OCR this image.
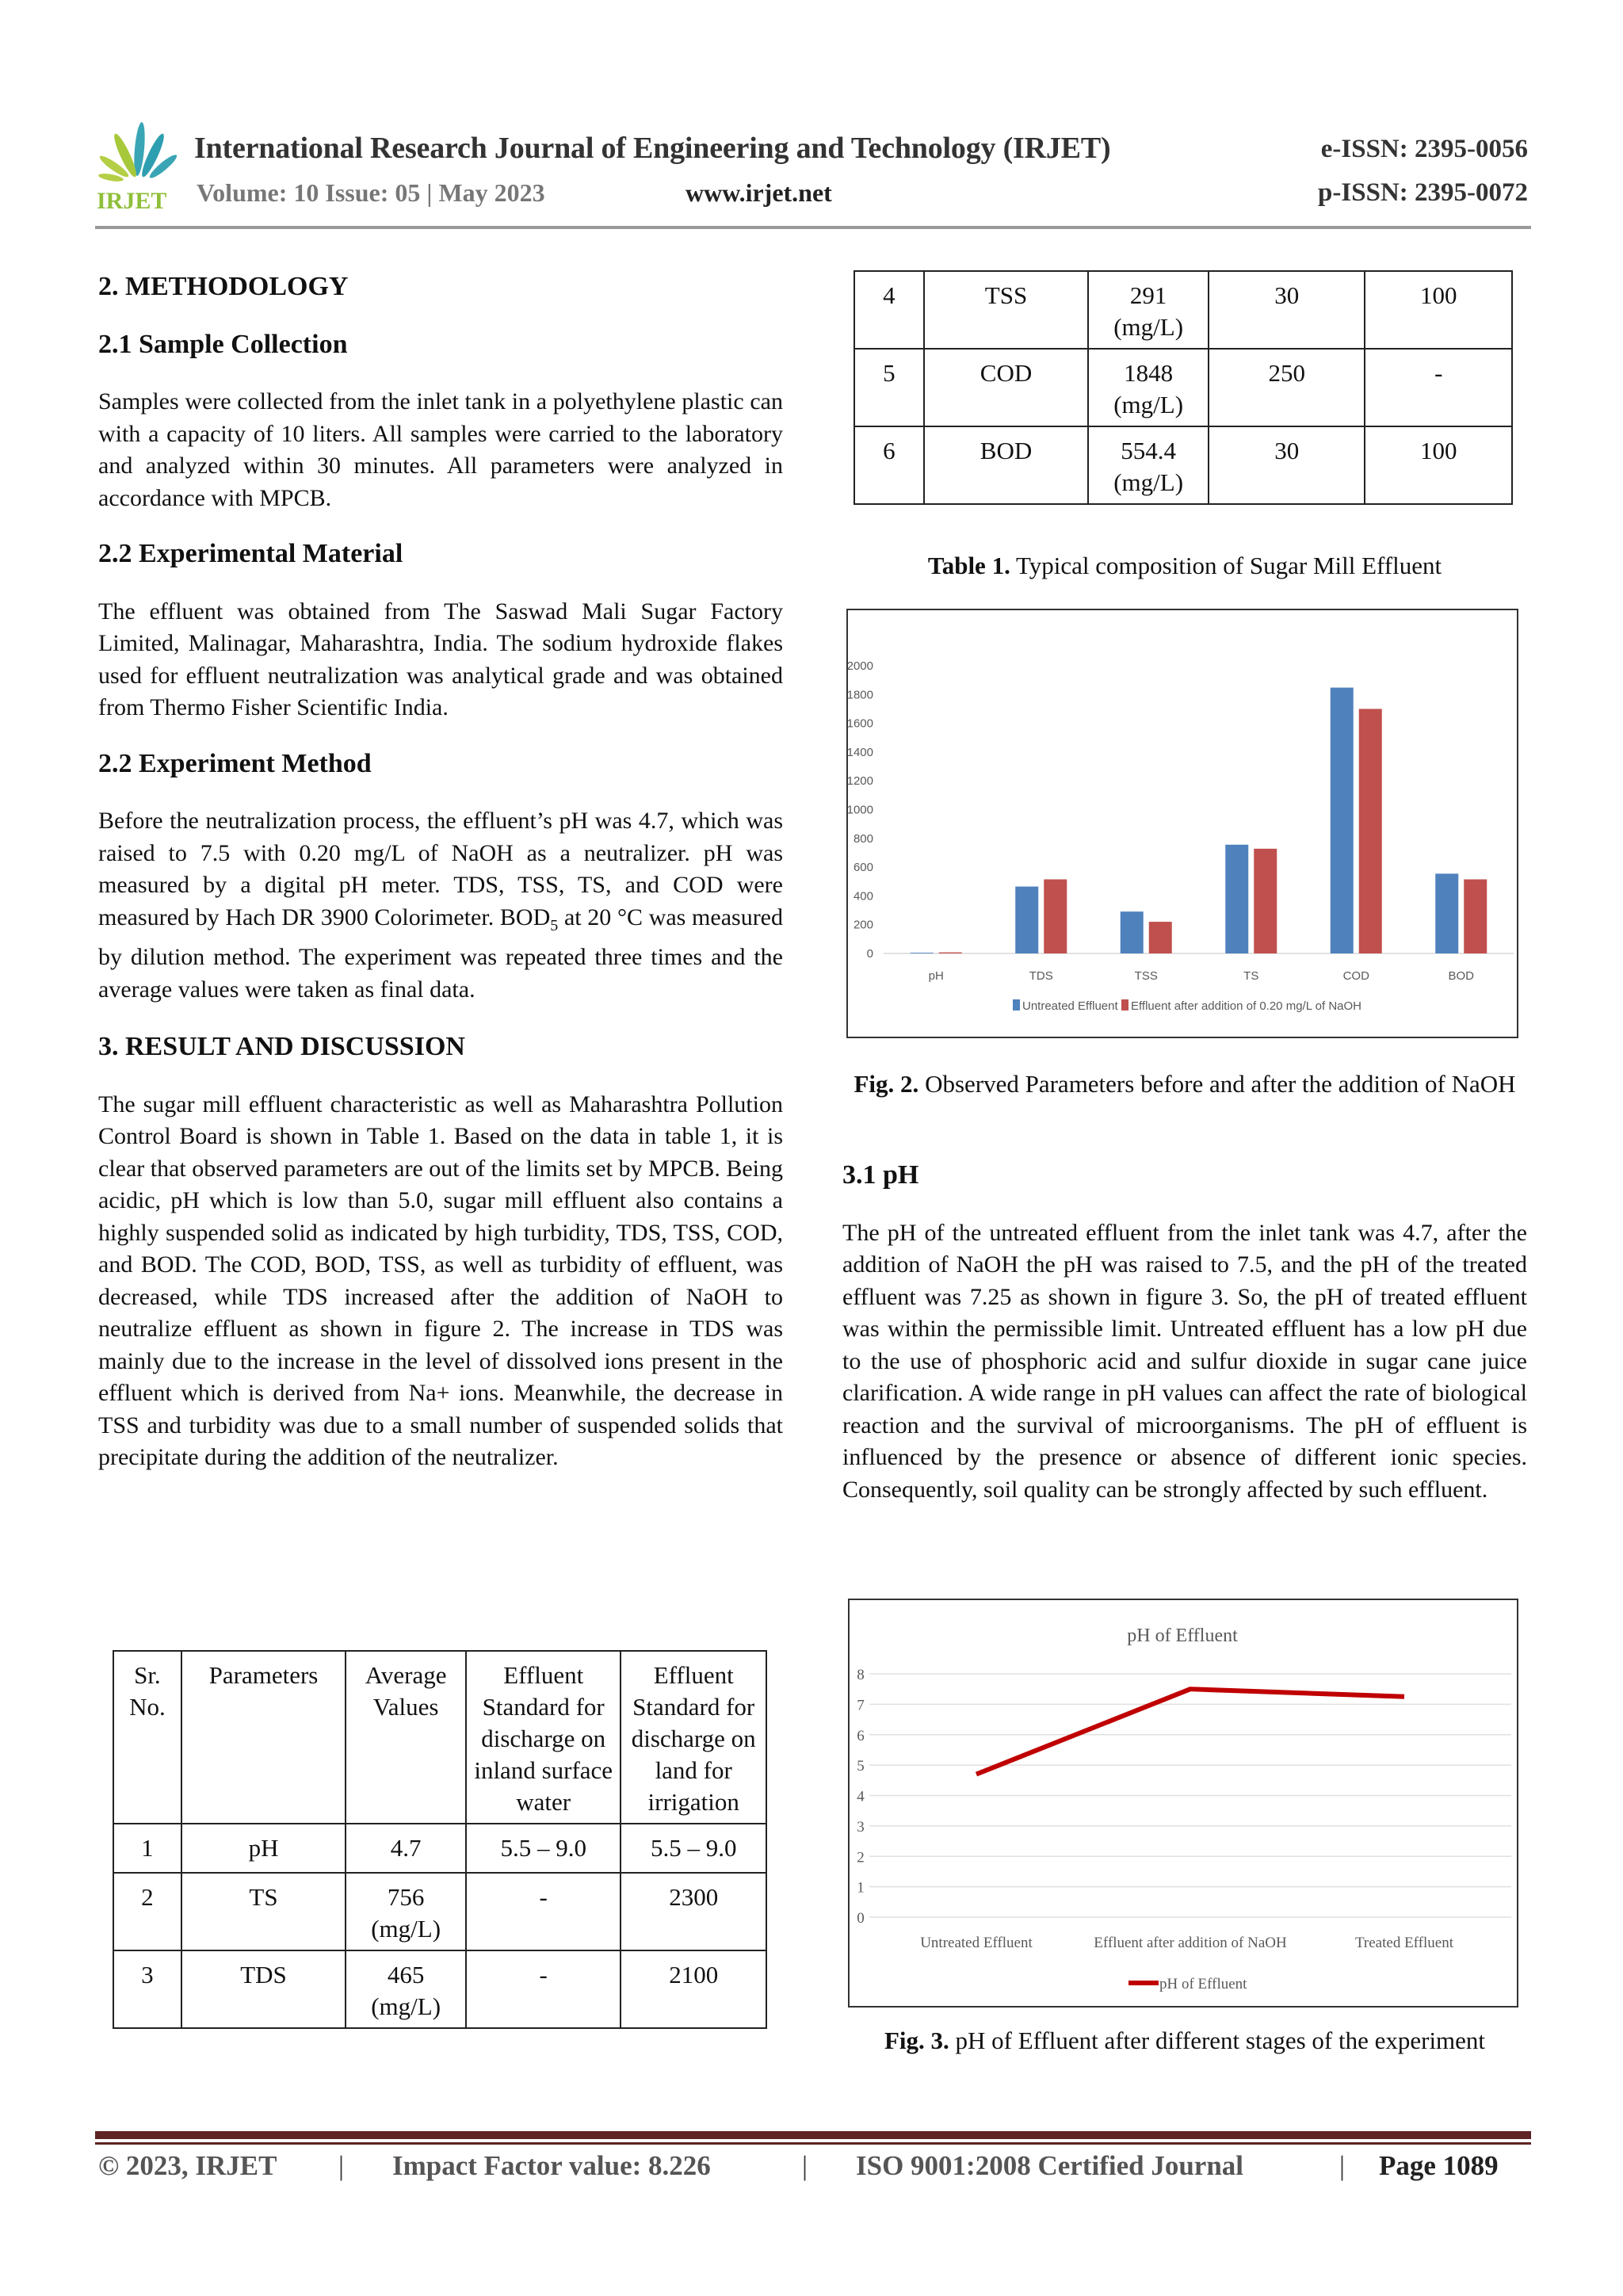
IRJET
International Research Journal of Engineering and Technology (IRJET)
Volume: 10 Issue: 05 | May 2023	www.irjet.net
e-ISSN: 2395-0056
p-ISSN: 2395-0072
2. METHODOLOGY
2.1 Sample Collection

Samples were collected from the inlet tank in a polyethylene plastic can with a capacity of 10 liters. All samples were carried to the laboratory and analyzed within 30 minutes. All parameters were analyzed in accordance with MPCB.

2.2 Experimental Material

The effluent was obtained from The Saswad Mali Sugar Factory Limited, Malinagar, Maharashtra, India. The sodium hydroxide flakes used for effluent neutralization was analytical grade and was obtained from Thermo Fisher Scientific India.

2.2 Experiment Method

Before the neutralization process, the effluent’s pH was 4.7, which was raised to 7.5 with 0.20 mg/L of NaOH as a neutralizer. pH was measured by a digital pH meter. TDS, TSS, TS, and COD were measured by Hach DR 3900 Colorimeter. $BOD_5$ at 20 °C was measured by dilution method. The experiment was repeated three times and the average values were taken as final data.

3. RESULT AND DISCUSSION

The sugar mill effluent characteristic as well as Maharashtra Pollution Control Board is shown in Table 1. Based on the data in table 1, it is clear that observed parameters are out of the limits set by MPCB. Being acidic, pH which is low than 5.0, sugar mill effluent also contains a highly suspended solid as indicated by high turbidity, TDS, TSS, COD, and BOD. The COD, BOD, TSS, as well as turbidity of effluent, was decreased, while TDS increased after the addition of NaOH to neutralize effluent as shown in figure 2. The increase in TDS was mainly due to the increase in the level of dissolved ions present in the effluent which is derived from Na+ ions. Meanwhile, the decrease in TSS and turbidity was due to a small number of suspended solids that precipitate during the addition of the neutralizer.

Sr. No.	Parameters	Average Values	Effluent Standard for discharge on inland surface water	Effluent Standard for discharge on land for irrigation
1	pH	4.7	5.5 – 9.0	5.5 – 9.0
2	TS	756
(mg/L)	-	2300
3	TDS	465
(mg/L)	-	2100
4	TSS	291
(mg/L)	30	100
5	COD	1848
(mg/L)	250	-
6	BOD	554.4
(mg/L)	30	100
Table 1. Typical composition of Sugar Mill Effluent
0
200
400
600
800
1000
1200
1400
1600
1800
2000
pH	TDS	TSS	TS	COD	BOD
Untreated Effluent Effluent after addition of 0.20 mg/L of NaOH
Fig. 2. Observed Parameters before and after the addition of NaOH
3.1 pH

The pH of the untreated effluent from the inlet tank was 4.7, after the addition of NaOH the pH was raised to 7.5, and the pH of the treated effluent was 7.25 as shown in figure 3. So, the pH of treated effluent was within the permissible limit. Untreated effluent has a low pH due to the use of phosphoric acid and sulfur dioxide in sugar cane juice clarification. A wide range in pH values can affect the rate of biological reaction and the survival of microorganisms. The pH of effluent is influenced by the presence or absence of different ionic species. Consequently, soil quality can be strongly affected by such effluent.

pH of Effluent
0
1
2
3
4
5
6
7
8
Untreated Effluent	Effluent after addition of NaOH	Treated Effluent
pH of Effluent
Fig. 3. pH of Effluent after different stages of the experiment
© 2023, IRJET | Impact Factor value: 8.226	| ISO 9001:2008 Certified Journal	| Page 1089
